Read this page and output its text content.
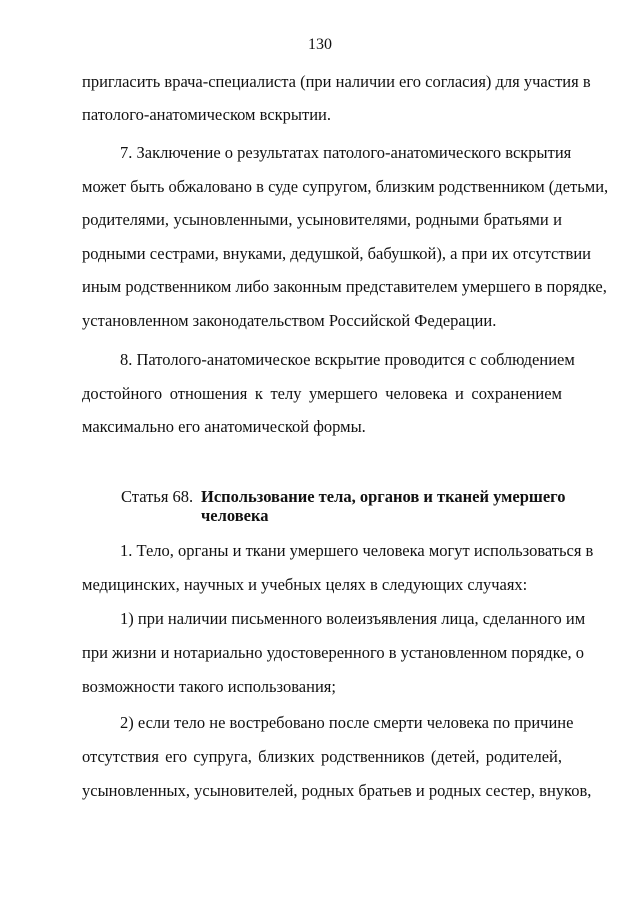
130
пригласить врача-специалиста (при наличии его согласия) для участия в
патолого-анатомическом вскрытии.
7. Заключение о результатах патолого-анатомического вскрытия
может быть обжаловано в суде супругом, близким родственником (детьми,
родителями, усыновленными, усыновителями, родными братьями и
родными сестрами, внуками, дедушкой, бабушкой), а при их отсутствии
иным родственником либо законным представителем умершего в порядке,
установленном законодательством Российской Федерации.
8. Патолого-анатомическое вскрытие проводится с соблюдением
достойного отношения к телу умершего человека и сохранением
максимально его анатомической формы.
Статья 68. Использование тела, органов и тканей умершего
человека
1. Тело, органы и ткани умершего человека могут использоваться в
медицинских, научных и учебных целях в следующих случаях:
1) при наличии письменного волеизъявления лица, сделанного им
при жизни и нотариально удостоверенного в установленном порядке, о
возможности такого использования;
2) если тело не востребовано после смерти человека по причине
отсутствия его супруга, близких родственников (детей, родителей,
усыновленных, усыновителей, родных братьев и родных сестер, внуков,
